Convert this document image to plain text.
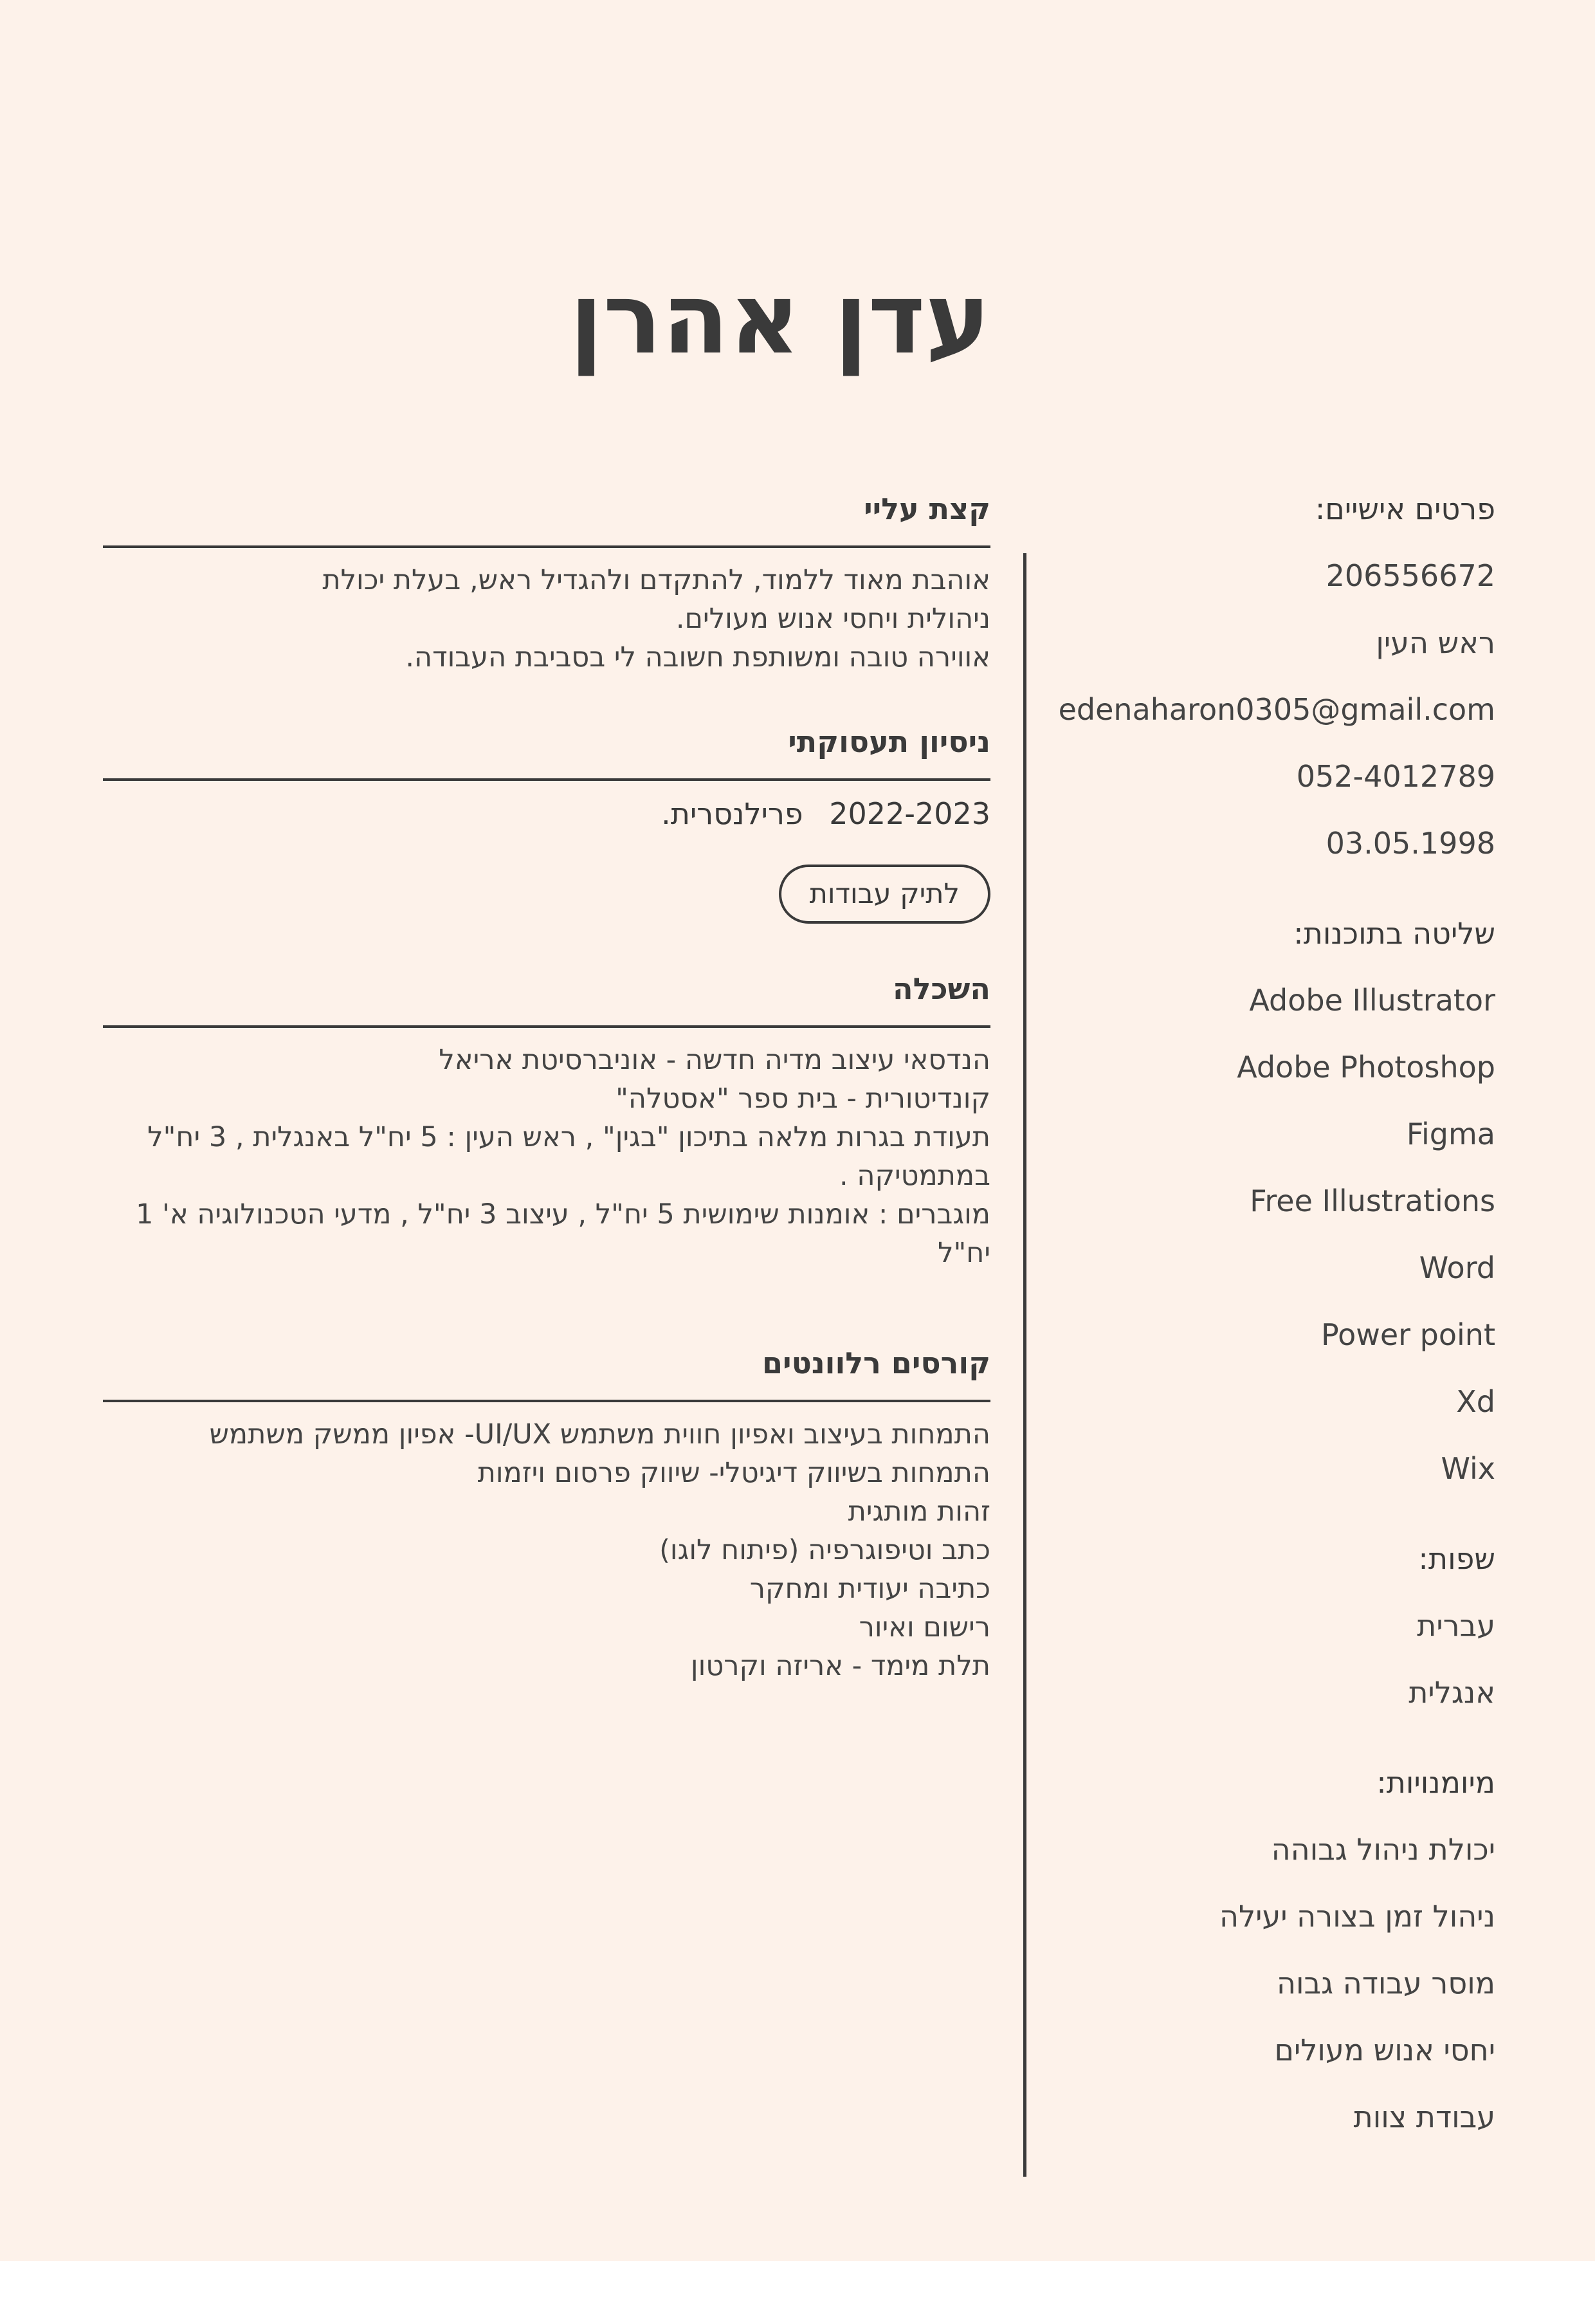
עדן אהרן

פרטים אישיים:

206556672

ראש העין

edenaharon0305@gmail.com

052-4012789

03.05.1998

שליטה בתוכנות:

Adobe Illustrator

Adobe Photoshop

Figma

Free Illustrations

Word

Power point

Xd

Wix

שפות:

עברית

אנגלית

מיומנויות:

יכולת ניהול גבוהה

ניהול זמן בצורה יעילה

מוסר עבודה גבוה

יחסי אנוש מעולים

עבודת צוות

קצת עליי

אוהבת מאוד ללמוד, להתקדם ולהגדיל ראש, בעלת יכולת
ניהולית ויחסי אנוש מעולים.
אווירה טובה ומשותפת חשובה לי בסביבת העבודה.

ניסיון תעסוקתי

2022-2023 פרילנסרית.

לתיק עבודות

השכלה

הנדסאי עיצוב מדיה חדשה - אוניברסיטת אריאל
קונדיטורית - בית ספר "אסטלה"
תעודת בגרות מלאה בתיכון "בגין" , ראש העין : 5 יח"ל באנגלית , 3 יח"ל
במתמטיקה .
מוגברים : אומנות שימושית 5 יח"ל , עיצוב 3 יח"ל , מדעי הטכנולוגיה א' 1 יח"ל

קורסים רלוונטים

התמחות בעיצוב ואפיון חווית משתמש UI/UX- אפיון ממשק משתמש
התמחות בשיווק דיגיטלי- שיווק פרסום ויזמות
זהות מותגית
כתב וטיפוגרפיה (פיתוח לוגו)
כתיבה יעודית ומחקר
רישום ואיור
תלת מימד - אריזה וקרטון
